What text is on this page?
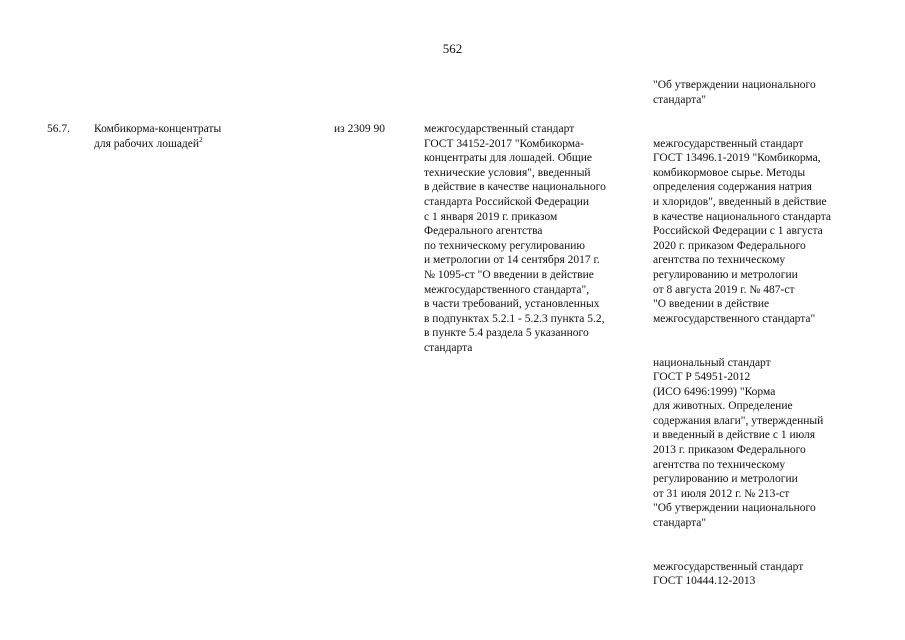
562
"Об утверждении национального
стандарта"
56.7.	Комбикорма-концентраты
для рабочих лошадей$^2$
из 2309 90	межгосударственный стандарт
ГОСТ 34152-2017 "Комбикорма-
концентраты для лошадей. Общие
технические условия", введенный
в действие в качестве национального
стандарта Российской Федерации
с 1 января 2019 г. приказом
Федерального агентства
по техническому регулированию
и метрологии от 14 сентября 2017 г.
№ 1095-ст "О введении в действие
межгосударственного стандарта",
в части требований, установленных
в подпунктах 5.2.1 - 5.2.3 пункта 5.2,
в пункте 5.4 раздела 5 указанного
стандарта

межгосударственный стандарт
ГОСТ 13496.1-2019 "Комбикорма,
комбикормовое сырье. Методы
определения содержания натрия
и хлоридов", введенный в действие
в качестве национального стандарта
Российской Федерации с 1 августа
2020 г. приказом Федерального
агентства по техническому
регулированию и метрологии
от 8 августа 2019 г. № 487-ст
"О введении в действие
межгосударственного стандарта"

национальный стандарт
ГОСТ Р 54951-2012
(ИСО 6496:1999) "Корма
для животных. Определение
содержания влаги", утвержденный
и введенный в действие с 1 июля
2013 г. приказом Федерального
агентства по техническому
регулированию и метрологии
от 31 июля 2012 г. № 213-ст
"Об утверждении национального
стандарта"

межгосударственный стандарт
ГОСТ 10444.12-2013
